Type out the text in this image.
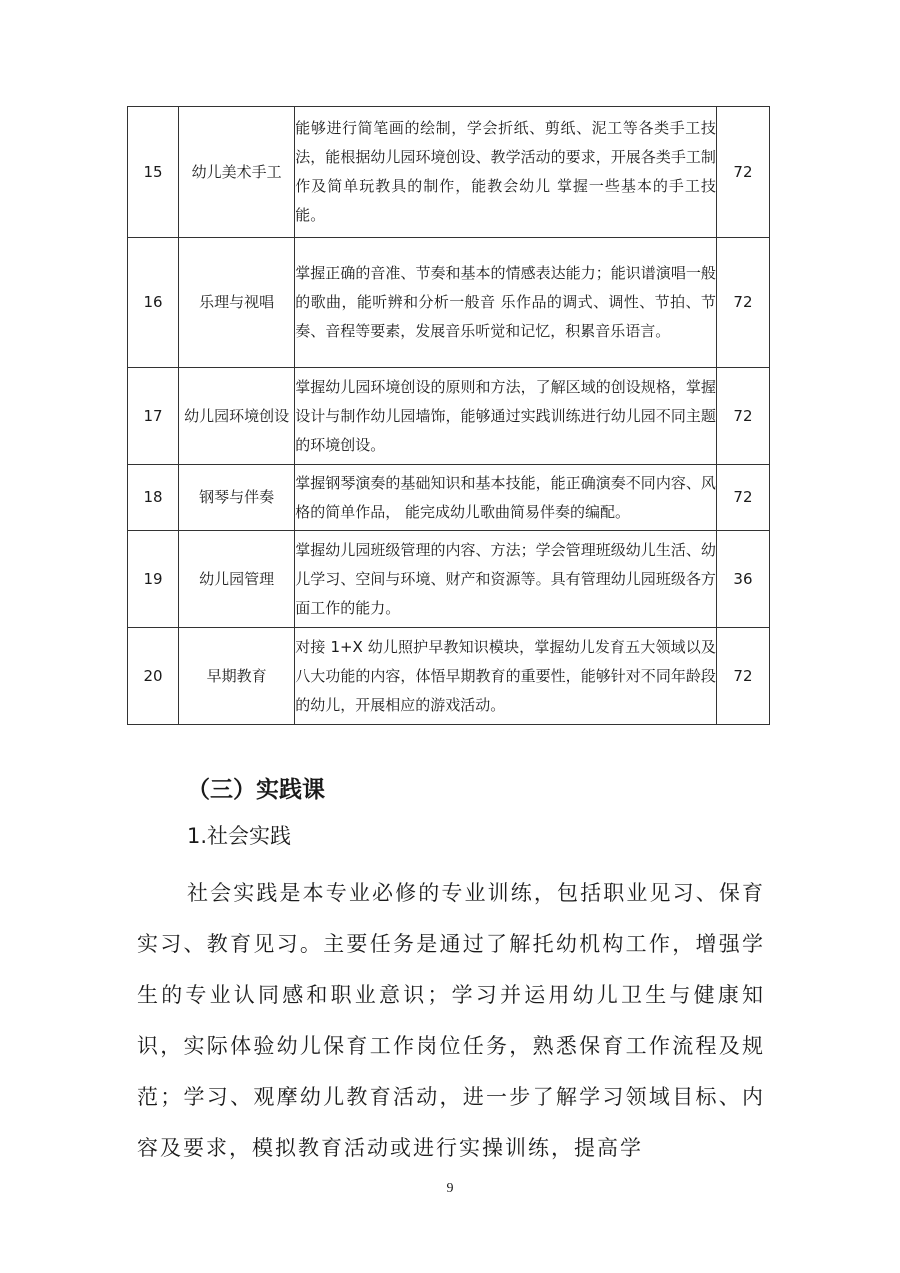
15	幼儿美术手工	能够进行简笔画的绘制，学会折纸、剪纸、泥工等各类手工技法，能根据幼儿园环境创设、教学活动的要求，开展各类手工制作及简单玩教具的制作，能教会幼儿 掌握一些基本的手工技能。	72
16	乐理与视唱	掌握正确的音准、节奏和基本的情感表达能力；能识谱演唱一般的歌曲，能听辨和分析一般音 乐作品的调式、调性、节拍、节奏、音程等要素，发展音乐听觉和记忆，积累音乐语言。	72
17	幼儿园环境创设	掌握幼儿园环境创设的原则和方法，了解区域的创设规格，掌握设计与制作幼儿园墙饰，能够通过实践训练进行幼儿园不同主题的环境创设。	72
18	钢琴与伴奏	掌握钢琴演奏的基础知识和基本技能，能正确演奏不同内容、风格的简单作品， 能完成幼儿歌曲简易伴奏的编配。	72
19	幼儿园管理	掌握幼儿园班级管理的内容、方法；学会管理班级幼儿生活、幼儿学习、空间与环境、财产和资源等。具有管理幼儿园班级各方面工作的能力。	36
20	早期教育	对接 1+X 幼儿照护早教知识模块，掌握幼儿发育五大领域以及八大功能的内容，体悟早期教育的重要性，能够针对不同年龄段的幼儿，开展相应的游戏活动。	72
（三）实践课
1.社会实践

社会实践是本专业必修的专业训练，包括职业见习、保育实习、教育见习。主要任务是通过了解托幼机构工作，增强学生的专业认同感和职业意识；学习并运用幼儿卫生与健康知识，实际体验幼儿保育工作岗位任务，熟悉保育工作流程及规范；学习、观摩幼儿教育活动，进一步了解学习领域目标、内容及要求，模拟教育活动或进行实操训练，提高学

9
